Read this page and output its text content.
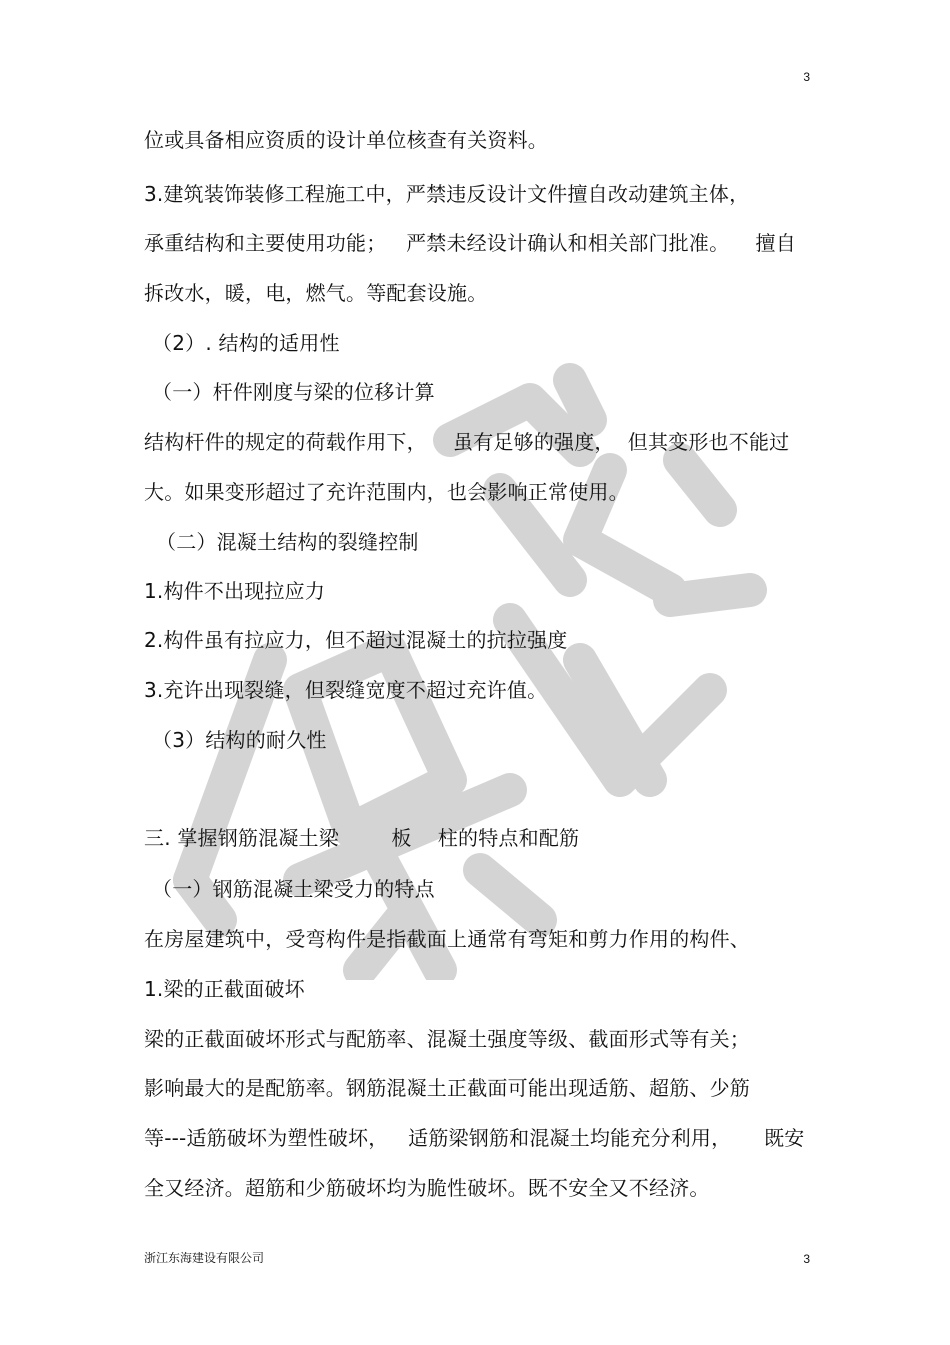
3
位或具备相应资质的设计单位核查有关资料。
3.建筑装饰装修工程施工中，严禁违反设计文件擅自改动建筑主体，
承重结构和主要使用功能；   严禁未经设计确认和相关部门批准。    擅自
拆改水，暖，电，燃气。等配套设施。
（2）. 结构的适用性
（一）杆件刚度与梁的位移计算
结构杆件的规定的荷载作用下，    虽有足够的强度，  但其变形也不能过
大。如果变形超过了充许范围内，也会影响正常使用。
（二）混凝土结构的裂缝控制
1.构件不出现拉应力
2.构件虽有拉应力，但不超过混凝土的抗拉强度
3.充许出现裂缝，但裂缝宽度不超过充许值。
（3）结构的耐久性
三. 掌握钢筋混凝土梁        板    柱的特点和配筋
（一）钢筋混凝土梁受力的特点
在房屋建筑中，受弯构件是指截面上通常有弯矩和剪力作用的构件、
1.梁的正截面破坏
梁的正截面破坏形式与配筋率、混凝土强度等级、截面形式等有关；
影响最大的是配筋率。钢筋混凝土正截面可能出现适筋、超筋、少筋
等---适筋破坏为塑性破坏，   适筋梁钢筋和混凝土均能充分利用，     既安
全又经济。超筋和少筋破坏均为脆性破坏。既不安全又不经济。
浙江东海建设有限公司	3
